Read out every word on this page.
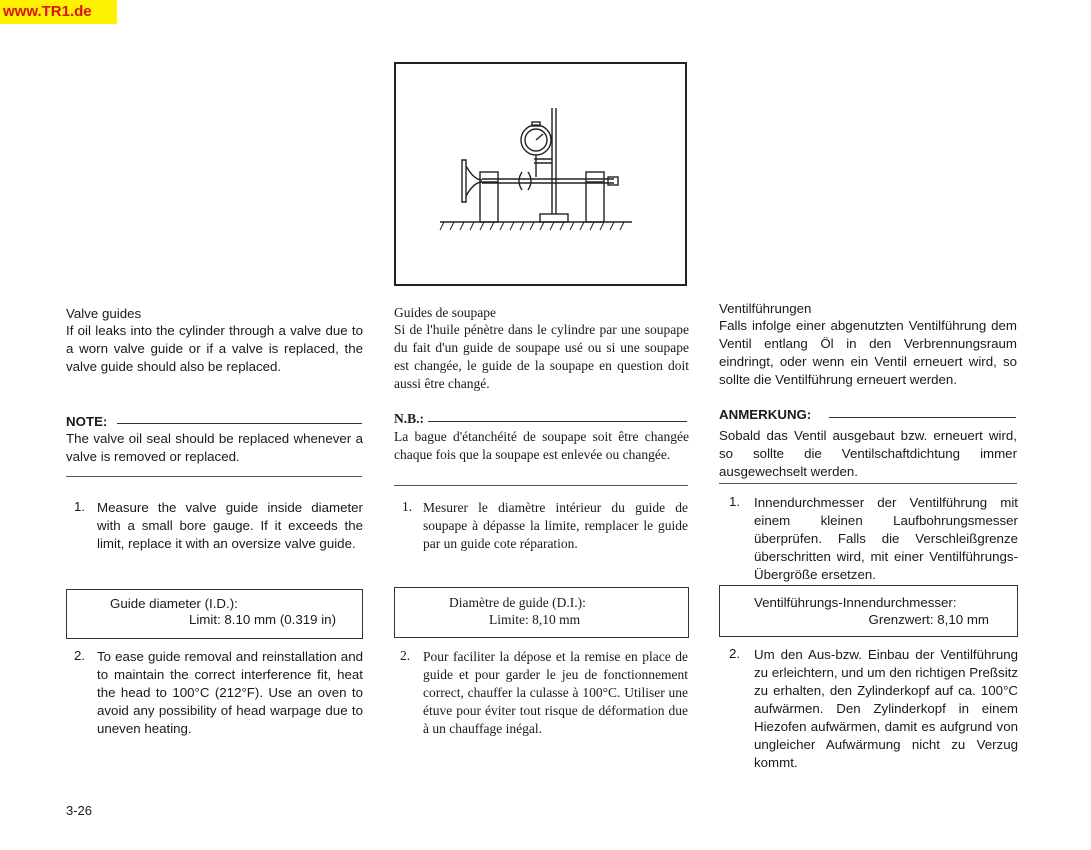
www.TR1.de
Valve guides
If oil leaks into the cylinder through a valve due to a worn valve guide or if a valve is replaced, the valve guide should also be replaced.
NOTE:
The valve oil seal should be replaced whenever a valve is removed or replaced.
1. Measure the valve guide inside diameter with a small bore gauge. If it exceeds the limit, replace it with an oversize valve guide.
Guide diameter (I.D.):
Limit: 8.10 mm (0.319 in)
2. To ease guide removal and reinstallation and to maintain the correct interference fit, heat the head to 100°C (212°F). Use an oven to avoid any possibility of head warpage due to uneven heating.
Guides de soupape
Si de l'huile pénètre dans le cylindre par une soupape du fait d'un guide de soupape usé ou si une soupape est changée, le guide de la soupape en question doit aussi être changé.
N.B.:
La bague d'étanchéité de soupape soit être changée chaque fois que la soupape est enlevée ou changée.
1. Mesurer le diamètre intérieur du guide de soupape à dépasse la limite, remplacer le guide par un guide cote réparation.
Diamètre de guide (D.I.):
Limite: 8,10 mm
2. Pour faciliter la dépose et la remise en place de guide et pour garder le jeu de fonctionnement correct, chauffer la culasse à 100°C. Utiliser une étuve pour éviter tout risque de déformation due à un chauffage inégal.
Ventilführungen
Falls infolge einer abgenutzten Ventilführung dem Ventil entlang Öl in den Verbrennungsraum eindringt, oder wenn ein Ventil erneuert wird, so sollte die Ventilführung erneuert werden.
ANMERKUNG:
Sobald das Ventil ausgebaut bzw. erneuert wird, so sollte die Ventilschaftdichtung immer ausgewechselt werden.
1. Innendurchmesser der Ventilführung mit einem kleinen Laufbohrungsmesser überprüfen. Falls die Verschleißgrenze überschritten wird, mit einer Ventilführungs-Übergröße ersetzen.
Ventilführungs-Innendurchmesser:
Grenzwert: 8,10 mm
2. Um den Aus-bzw. Einbau der Ventilführung zu erleichtern, und um den richtigen Preßsitz zu erhalten, den Zylinderkopf auf ca. 100°C aufwärmen. Den Zylinderkopf in einem Hiezofen aufwärmen, damit es aufgrund von ungleicher Aufwärmung nicht zu Verzug kommt.
3-26
